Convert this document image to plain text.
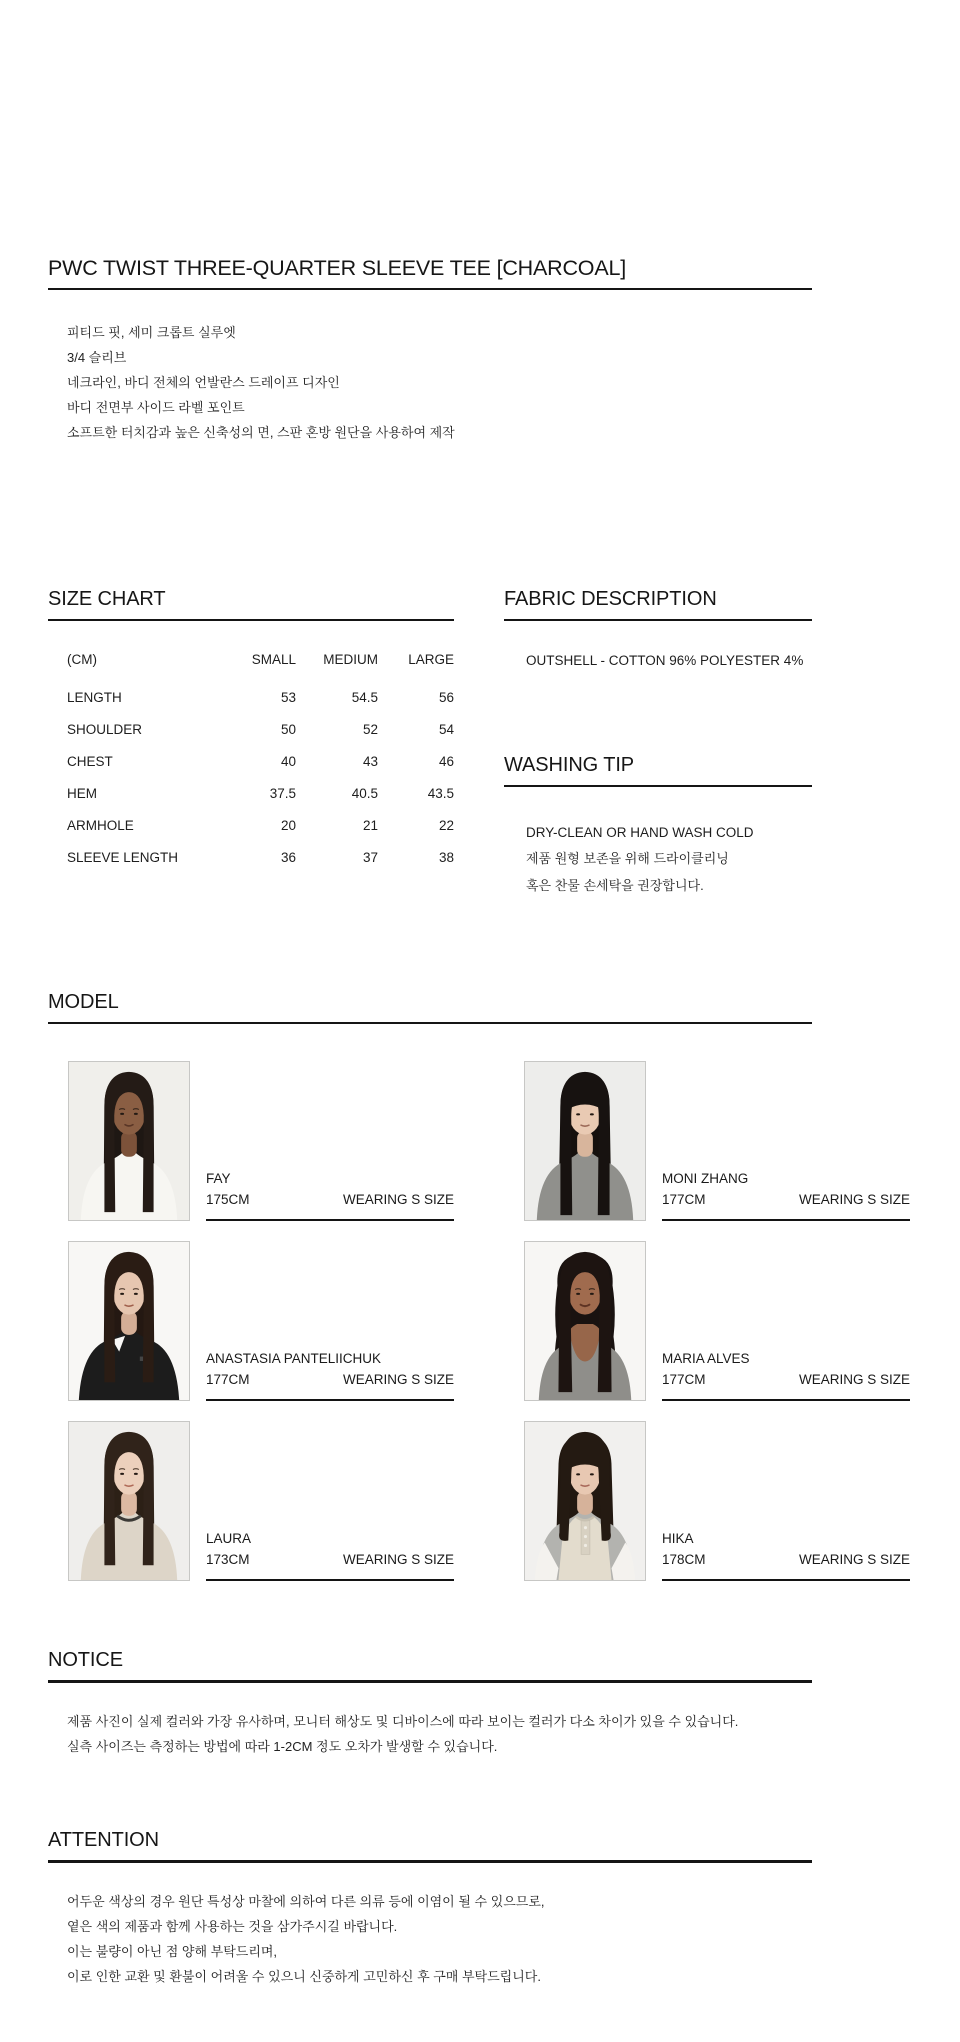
PWC TWIST THREE-QUARTER SLEEVE TEE [CHARCOAL]
피티드 핏, 세미 크롭트 실루엣
3/4 슬리브
네크라인, 바디 전체의 언발란스 드레이프 디자인
바디 전면부 사이드 라벨 포인트
소프트한 터치감과 높은 신축성의 면, 스판 혼방 원단을 사용하여 제작
SIZE CHART
(CM)	SMALL	MEDIUM	LARGE
LENGTH	53	54.5	56
SHOULDER	50	52	54
CHEST	40	43	46
HEM	37.5	40.5	43.5
ARMHOLE	20	21	22
SLEEVE LENGTH	36	37	38
FABRIC DESCRIPTION

OUTSHELL - COTTON 96% POLYESTER 4%

WASHING TIP

DRY-CLEAN OR HAND WASH COLD

제품 원형 보존을 위해 드라이클리닝

혹은 찬물 손세탁을 권장합니다.

MODEL
FAY
175CM	WEARING S SIZE
MONI ZHANG
177CM	WEARING S SIZE
ANASTASIA PANTELIICHUK
177CM	WEARING S SIZE
MARIA ALVES
177CM	WEARING S SIZE
LAURA
173CM	WEARING S SIZE
HIKA
178CM	WEARING S SIZE
NOTICE

제품 사진이 실제 컬러와 가장 유사하며, 모니터 해상도 및 디바이스에 따라 보이는 컬러가 다소 차이가 있을 수 있습니다.

실측 사이즈는 측정하는 방법에 따라 1-2CM 정도 오차가 발생할 수 있습니다.

ATTENTION

어두운 색상의 경우 원단 특성상 마찰에 의하여 다른 의류 등에 이염이 될 수 있으므로,

옅은 색의 제품과 함께 사용하는 것을 삼가주시길 바랍니다.

이는 불량이 아닌 점 양해 부탁드리며,

이로 인한 교환 및 환불이 어려울 수 있으니 신중하게 고민하신 후 구매 부탁드립니다.
